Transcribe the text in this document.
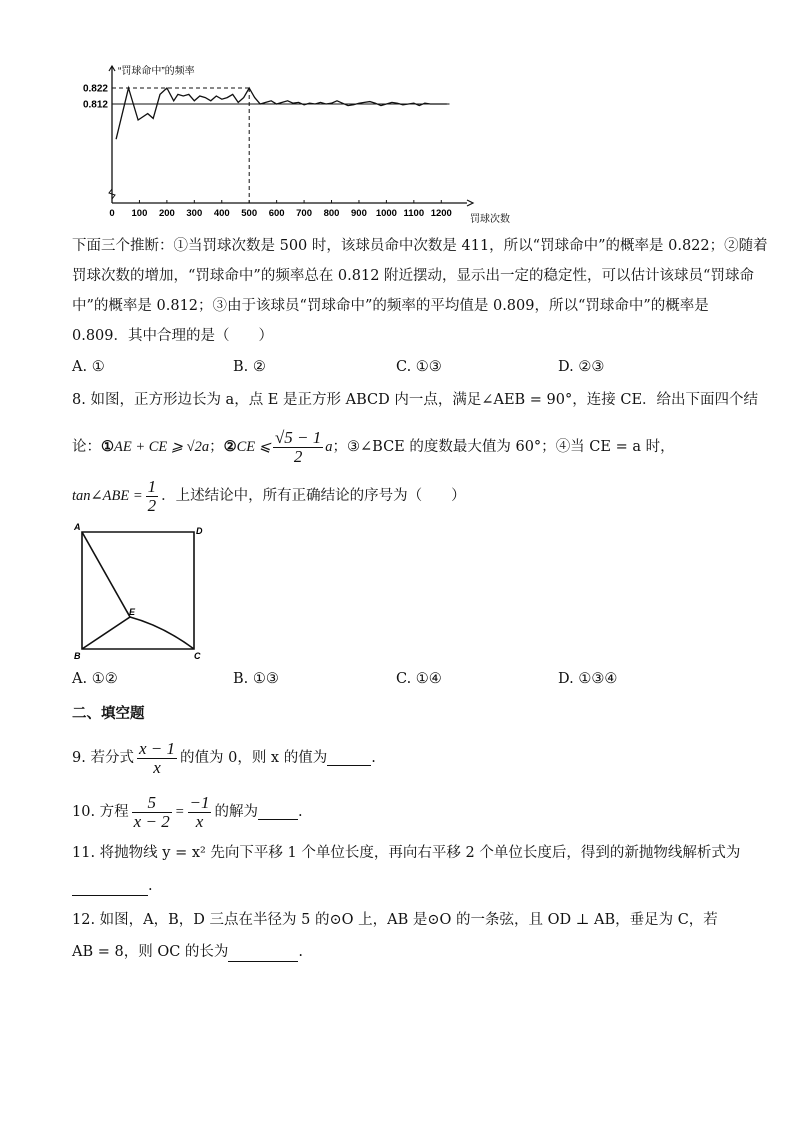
“罚球命中”的频率
0 100 200 300 400 500 600 700 800 900 1000 1100 1200
0.822
0.812
罚球次数
下面三个推断：①当罚球次数是 500 时，该球员命中次数是 411，所以“罚球命中”的概率是 0.822；②随着
罚球次数的增加，“罚球命中”的频率总在 0.812 附近摆动，显示出一定的稳定性，可以估计该球员“罚球命
中”的概率是 0.812；③由于该球员“罚球命中”的频率的平均值是 0.809，所以“罚球命中”的概率是
0.809．其中合理的是（　　）
A. ①	B. ②	C. ①③	D. ②③
8. 如图，正方形边长为 a，点 E 是正方形 ABCD 内一点，满足∠AEB = 90°，连接 CE．给出下面四个结
论： ① AE + CE ⩾ √2a ； ② CE ⩽ $\frac{√5 - 1}{2}$ a ； ③∠BCE 的度数最大值为 60°； ④当 CE = a 时，
tan∠ABE = $\frac{1}{2}$ ．上述结论中，所有正确结论的序号为（　　）
A	D
E
B	C
A. ①②	B. ①③	C. ①④	D. ①③④
二、填空题
9. 若分式 $\frac{x - 1}{x}$ 的值为 0，则 x 的值为	.
10. 方程 $\frac{5}{x - 2} = \frac{-1}{x}$ 的解为	.
11. 将抛物线 y = x² 先向下平移 1 个单位长度，再向右平移 2 个单位长度后，得到的新抛物线解析式为
.
12. 如图，A，B，D 三点在半径为 5 的⊙O 上，AB 是⊙O 的一条弦，且 OD ⊥ AB，垂足为 C，若
AB = 8，则 OC 的长为	.
